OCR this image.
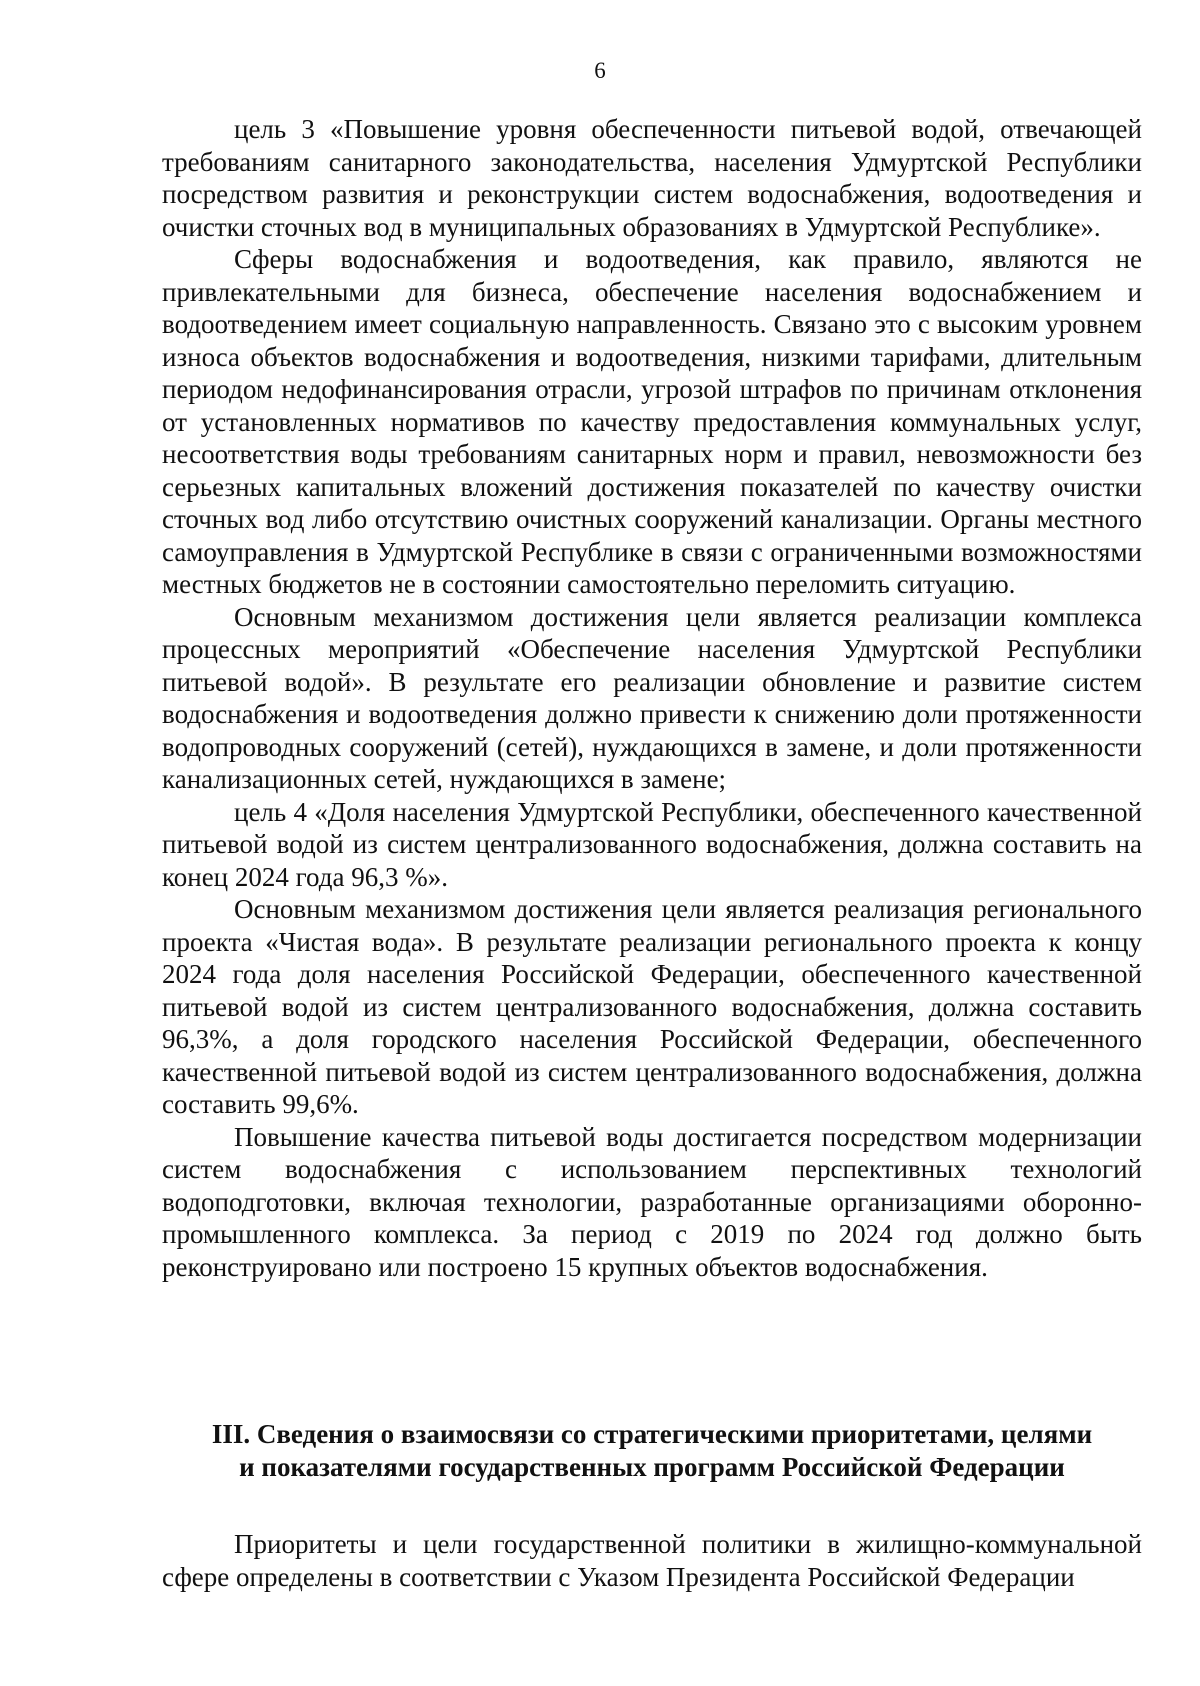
6

цель 3 «Повышение уровня обеспеченности питьевой водой, отвечающей требованиям санитарного законодательства, населения Удмуртской Республики посредством развития и реконструкции систем водоснабжения, водоотведения и очистки сточных вод в муниципальных образованиях в Удмуртской Республике».

Сферы водоснабжения и водоотведения, как правило, являются не привлекательными для бизнеса, обеспечение населения водоснабжением и водоотведением имеет социальную направленность. Связано это с высоким уровнем износа объектов водоснабжения и водоотведения, низкими тарифами, длительным периодом недофинансирования отрасли, угрозой штрафов по причинам отклонения от установленных нормативов по качеству предоставления коммунальных услуг, несоответствия воды требованиям санитарных норм и правил, невозможности без серьезных капитальных вложений достижения показателей по качеству очистки сточных вод либо отсутствию очистных сооружений канализации. Органы местного самоуправления в Удмуртской Республике в связи с ограниченными возможностями местных бюджетов не в состоянии самостоятельно переломить ситуацию.

Основным механизмом достижения цели является реализации комплекса процессных мероприятий «Обеспечение населения Удмуртской Республики питьевой водой». В результате его реализации обновление и развитие систем водоснабжения и водоотведения должно привести к снижению доли протяженности водопроводных сооружений (сетей), нуждающихся в замене, и доли протяженности канализационных сетей, нуждающихся в замене;

цель 4 «Доля населения Удмуртской Республики, обеспеченного качественной питьевой водой из систем централизованного водоснабжения, должна составить на конец 2024 года 96,3 %».

Основным механизмом достижения цели является реализация регионального проекта «Чистая вода». В результате реализации регионального проекта к концу 2024 года доля населения Российской Федерации, обеспеченного качественной питьевой водой из систем централизованного водоснабжения, должна составить 96,3%, а доля городского населения Российской Федерации, обеспеченного качественной питьевой водой из систем централизованного водоснабжения, должна составить 99,6%.

Повышение качества питьевой воды достигается посредством модернизации систем водоснабжения с использованием перспективных технологий водоподготовки, включая технологии, разработанные организациями оборонно-промышленного комплекса. За период с 2019 по 2024 год должно быть реконструировано или построено 15 крупных объектов водоснабжения.

III. Сведения о взаимосвязи со стратегическими приоритетами, целями
и показателями государственных программ Российской Федерации

Приоритеты и цели государственной политики в жилищно-коммунальной сфере определены в соответствии с Указом Президента Российской Федерации
